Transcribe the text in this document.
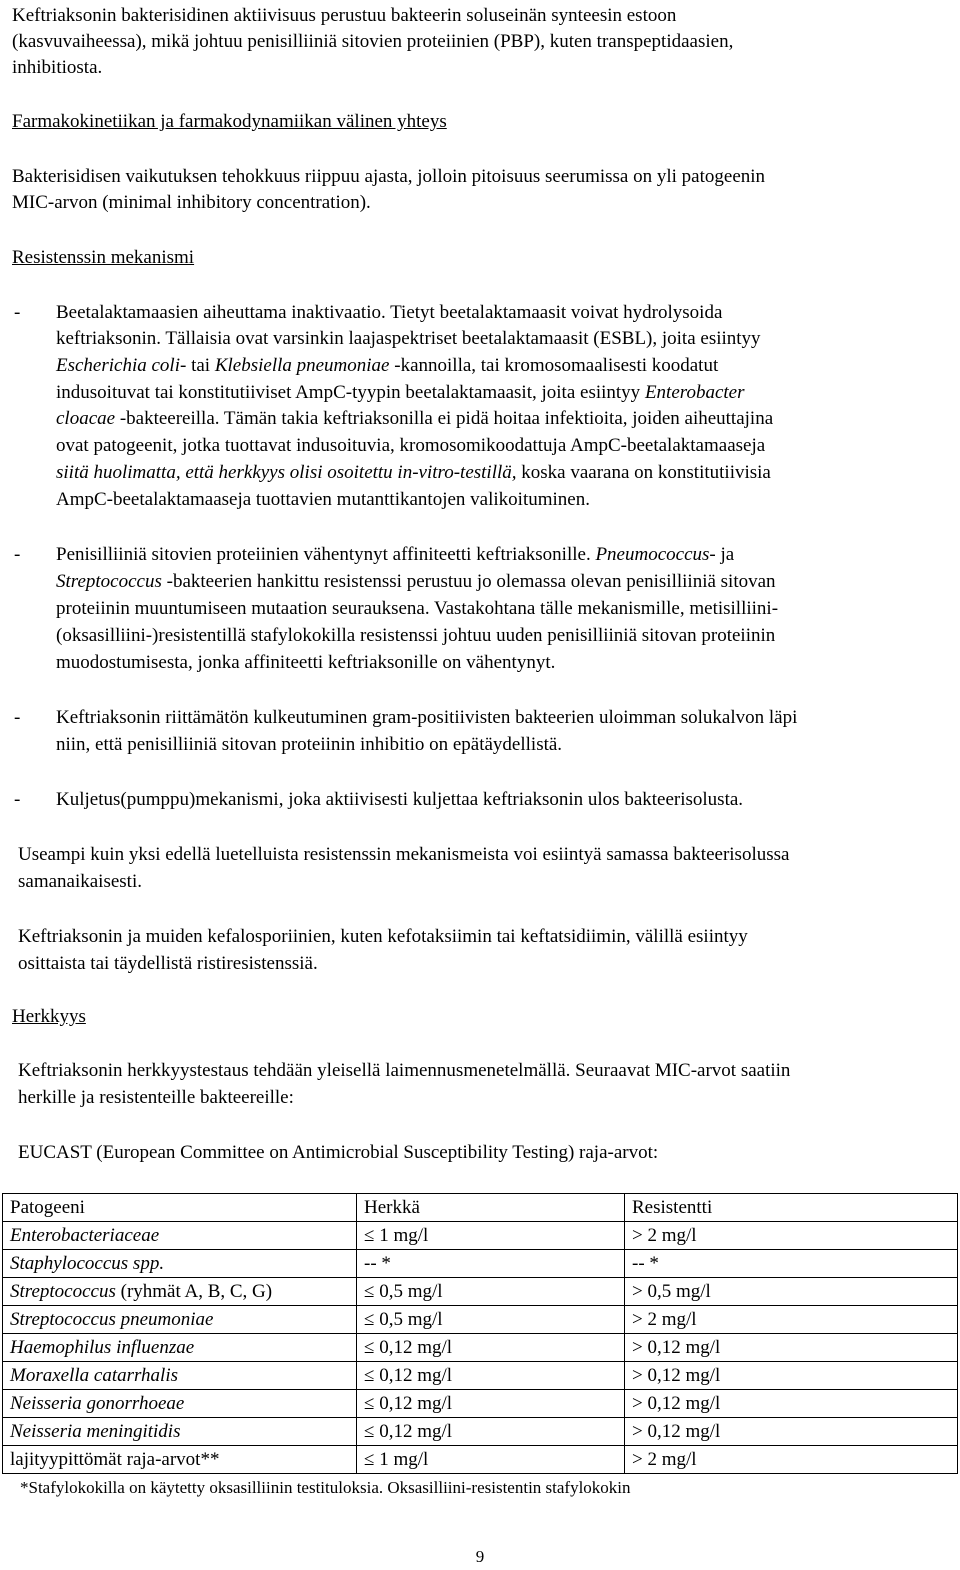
Keftriaksonin bakterisidinen aktiivisuus perustuu bakteerin soluseinän synteesin estoon

(kasvuvaiheessa), mikä johtuu penisilliiniä sitovien proteiinien (PBP), kuten transpeptidaasien,

inhibitiosta.

Farmakokinetiikan ja farmakodynamiikan välinen yhteys

Bakterisidisen vaikutuksen tehokkuus riippuu ajasta, jolloin pitoisuus seerumissa on yli patogeenin

MIC-arvon (minimal inhibitory concentration).

Resistenssin mekanismi

- Beetalaktamaasien aiheuttama inaktivaatio. Tietyt beetalaktamaasit voivat hydrolysoida
keftriaksonin. Tällaisia ovat varsinkin laajaspektriset beetalaktamaasit (ESBL), joita esiintyy
Escherichia coli- tai Klebsiella pneumoniae -kannoilla, tai kromosomaalisesti koodatut
indusoituvat tai konstitutiiviset AmpC-tyypin beetalaktamaasit, joita esiintyy Enterobacter
cloacae -bakteereilla. Tämän takia keftriaksonilla ei pidä hoitaa infektioita, joiden aiheuttajina
ovat patogeenit, jotka tuottavat indusoituvia, kromosomikoodattuja AmpC-beetalaktamaaseja
siitä huolimatta, että herkkyys olisi osoitettu in-vitro-testillä, koska vaarana on konstitutiivisia
AmpC-beetalaktamaaseja tuottavien mutanttikantojen valikoituminen.
- Penisilliiniä sitovien proteiinien vähentynyt affiniteetti keftriaksonille. Pneumococcus- ja
Streptococcus -bakteerien hankittu resistenssi perustuu jo olemassa olevan penisilliiniä sitovan
proteiinin muuntumiseen mutaation seurauksena. Vastakohtana tälle mekanismille, metisilliini-
(oksasilliini-)resistentillä stafylokokilla resistenssi johtuu uuden penisilliiniä sitovan proteiinin
muodostumisesta, jonka affiniteetti keftriaksonille on vähentynyt.
- Keftriaksonin riittämätön kulkeutuminen gram-positiivisten bakteerien uloimman solukalvon läpi
niin, että penisilliiniä sitovan proteiinin inhibitio on epätäydellistä.
- Kuljetus(pumppu)mekanismi, joka aktiivisesti kuljettaa keftriaksonin ulos bakteerisolusta.

Useampi kuin yksi edellä luetelluista resistenssin mekanismeista voi esiintyä samassa bakteerisolussa

samanaikaisesti.

Keftriaksonin ja muiden kefalosporiinien, kuten kefotaksiimin tai keftatsidiimin, välillä esiintyy

osittaista tai täydellistä ristiresistenssiä.

Herkkyys

Keftriaksonin herkkyystestaus tehdään yleisellä laimennusmenetelmällä. Seuraavat MIC-arvot saatiin

herkille ja resistenteille bakteereille:

EUCAST (European Committee on Antimicrobial Susceptibility Testing) raja-arvot:

Patogeeni	Herkkä	Resistentti
Enterobacteriaceae	≤ 1 mg/l	> 2 mg/l
Staphylococcus spp.	-- *	-- *
Streptococcus (ryhmät A, B, C, G)	≤ 0,5 mg/l	> 0,5 mg/l
Streptococcus pneumoniae	≤ 0,5 mg/l	> 2 mg/l
Haemophilus influenzae	≤ 0,12 mg/l	> 0,12 mg/l
Moraxella catarrhalis	≤ 0,12 mg/l	> 0,12 mg/l
Neisseria gonorrhoeae	≤ 0,12 mg/l	> 0,12 mg/l
Neisseria meningitidis	≤ 0,12 mg/l	> 0,12 mg/l
lajityypittömät raja-arvot**	≤ 1 mg/l	> 2 mg/l
*Stafylokokilla on käytetty oksasilliinin testituloksia. Oksasilliini-resistentin stafylokokin
9
